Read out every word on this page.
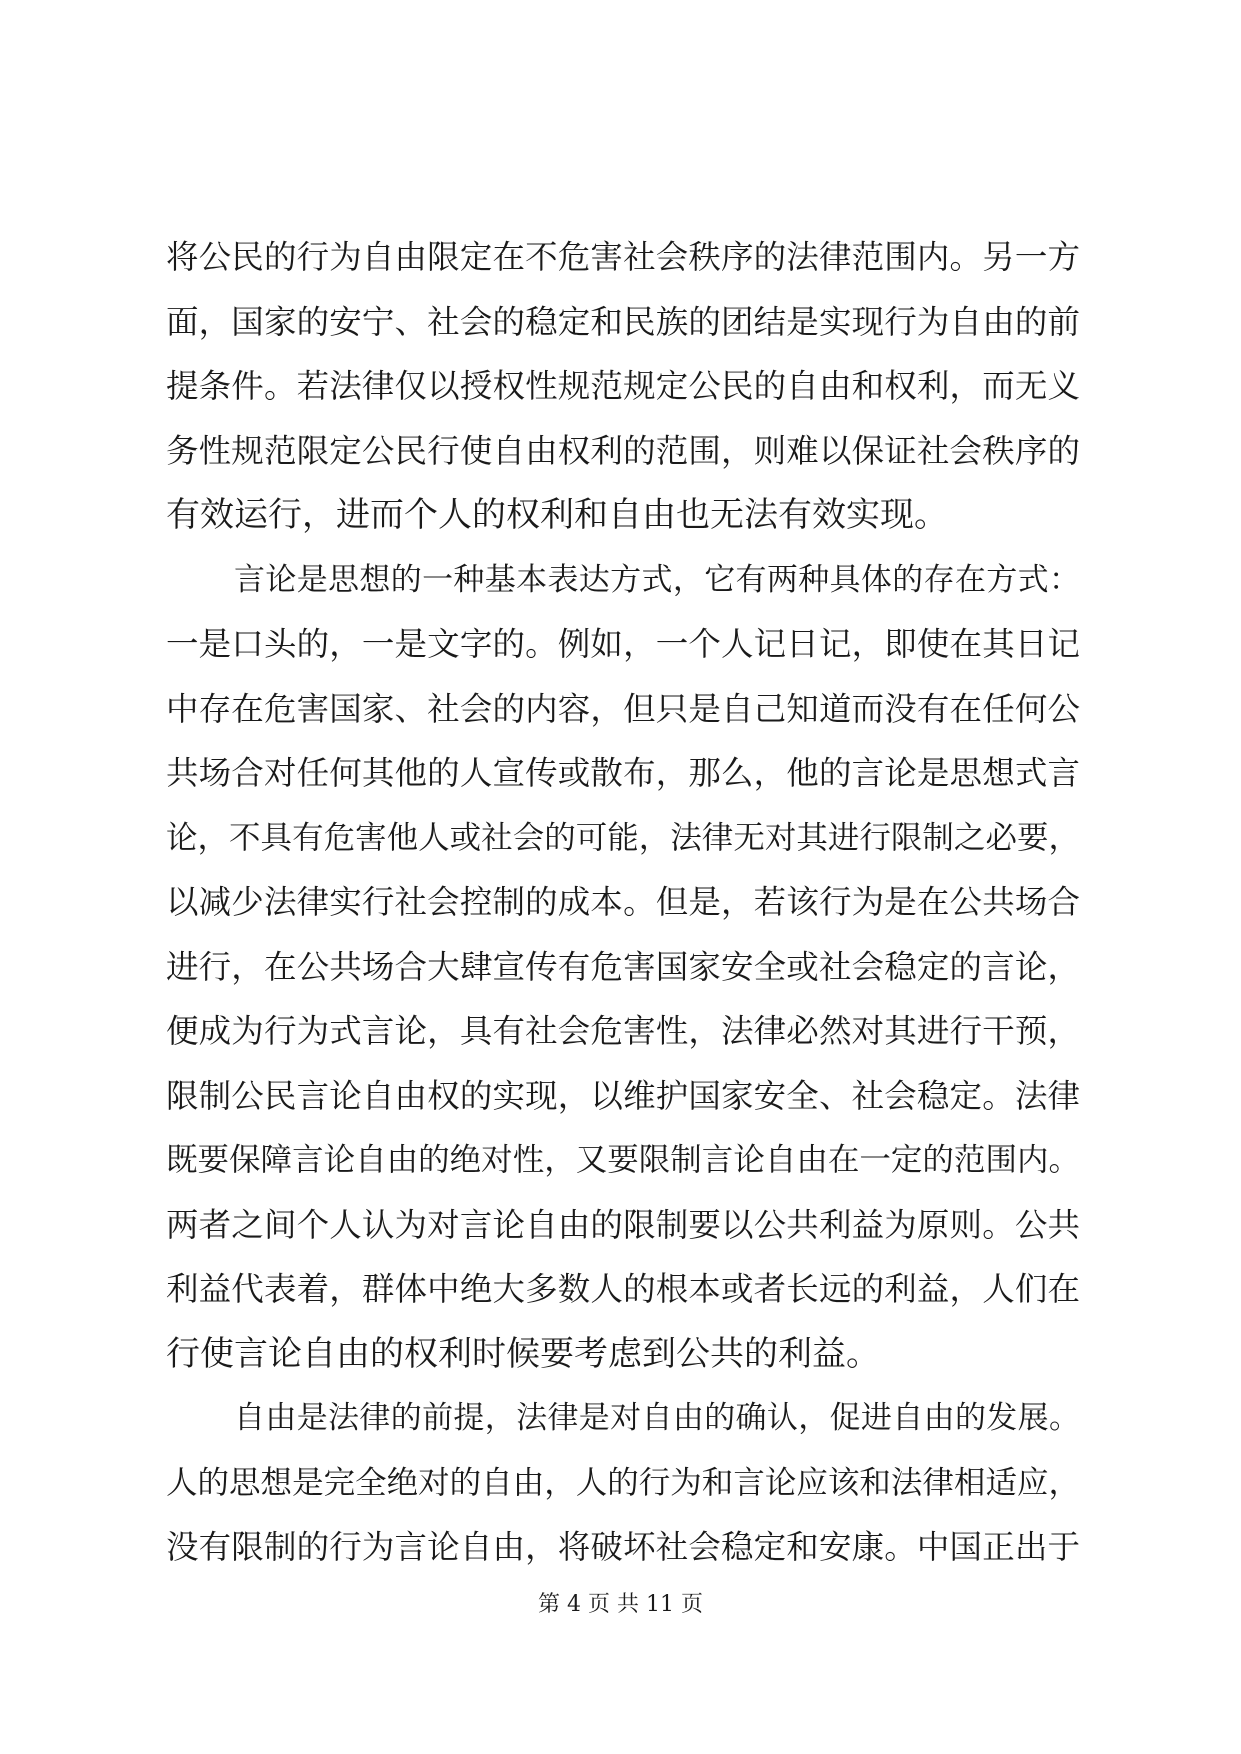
将公民的行为自由限定在不危害社会秩序的法律范围内。另一方
面，国家的安宁、社会的稳定和民族的团结是实现行为自由的前
提条件。若法律仅以授权性规范规定公民的自由和权利，而无义
务性规范限定公民行使自由权利的范围，则难以保证社会秩序的
有效运行，进而个人的权利和自由也无法有效实现。
言论是思想的一种基本表达方式，它有两种具体的存在方式：
一是口头的，一是文字的。例如，一个人记日记，即使在其日记
中存在危害国家、社会的内容，但只是自己知道而没有在任何公
共场合对任何其他的人宣传或散布，那么，他的言论是思想式言
论，不具有危害他人或社会的可能，法律无对其进行限制之必要，
以减少法律实行社会控制的成本。但是，若该行为是在公共场合
进行，在公共场合大肆宣传有危害国家安全或社会稳定的言论，
便成为行为式言论，具有社会危害性，法律必然对其进行干预，
限制公民言论自由权的实现，以维护国家安全、社会稳定。法律
既要保障言论自由的绝对性，又要限制言论自由在一定的范围内。
两者之间个人认为对言论自由的限制要以公共利益为原则。公共
利益代表着，群体中绝大多数人的根本或者长远的利益，人们在
行使言论自由的权利时候要考虑到公共的利益。
自由是法律的前提，法律是对自由的确认，促进自由的发展。
人的思想是完全绝对的自由，人的行为和言论应该和法律相适应，
没有限制的行为言论自由，将破坏社会稳定和安康。中国正出于
第 4 页 共 11 页
